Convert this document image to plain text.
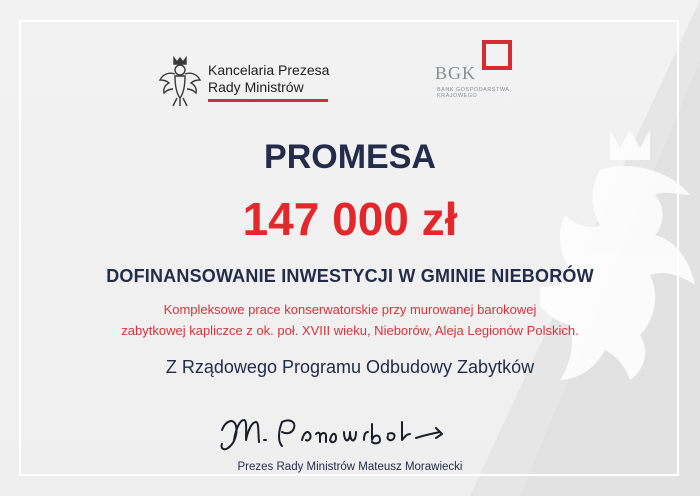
Kancelaria Prezesa
Rady Ministrów
BGK
BANK GOSPODARSTWA
KRAJOWEGO
PROMESA
147 000 zł
DOFINANSOWANIE INWESTYCJI W GMINIE NIEBORÓW
Kompleksowe prace konserwatorskie przy murowanej barokowej
zabytkowej kapliczce z ok. poł. XVIII wieku, Nieborów, Aleja Legionów Polskich.
Z Rządowego Programu Odbudowy Zabytków
Prezes Rady Ministrów Mateusz Morawiecki
